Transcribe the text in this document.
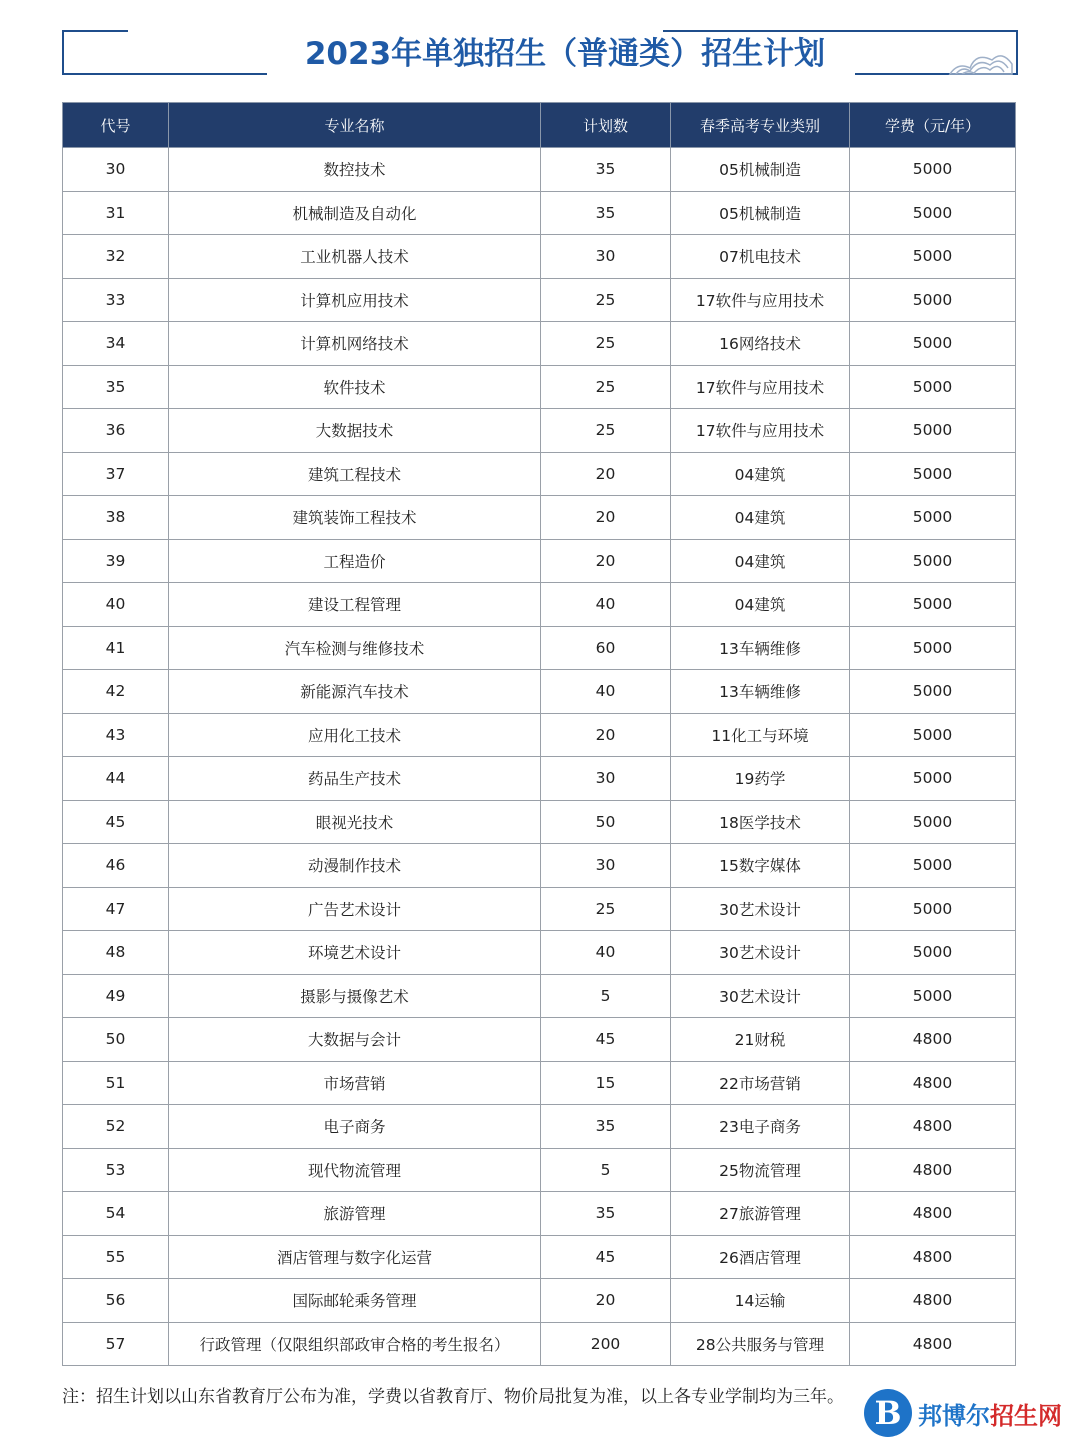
2023年单独招生（普通类）招生计划
代号	专业名称	计划数	春季高考专业类别	学费（元/年）
30	数控技术	35	05机械制造	5000
31	机械制造及自动化	35	05机械制造	5000
32	工业机器人技术	30	07机电技术	5000
33	计算机应用技术	25	17软件与应用技术	5000
34	计算机网络技术	25	16网络技术	5000
35	软件技术	25	17软件与应用技术	5000
36	大数据技术	25	17软件与应用技术	5000
37	建筑工程技术	20	04建筑	5000
38	建筑装饰工程技术	20	04建筑	5000
39	工程造价	20	04建筑	5000
40	建设工程管理	40	04建筑	5000
41	汽车检测与维修技术	60	13车辆维修	5000
42	新能源汽车技术	40	13车辆维修	5000
43	应用化工技术	20	11化工与环境	5000
44	药品生产技术	30	19药学	5000
45	眼视光技术	50	18医学技术	5000
46	动漫制作技术	30	15数字媒体	5000
47	广告艺术设计	25	30艺术设计	5000
48	环境艺术设计	40	30艺术设计	5000
49	摄影与摄像艺术	5	30艺术设计	5000
50	大数据与会计	45	21财税	4800
51	市场营销	15	22市场营销	4800
52	电子商务	35	23电子商务	4800
53	现代物流管理	5	25物流管理	4800
54	旅游管理	35	27旅游管理	4800
55	酒店管理与数字化运营	45	26酒店管理	4800
56	国际邮轮乘务管理	20	14运输	4800
57	行政管理（仅限组织部政审合格的考生报名）	200	28公共服务与管理	4800
注：招生计划以山东省教育厅公布为准，学费以省教育厅、物价局批复为准，以上各专业学制均为三年。 B 邦博尔招生网
